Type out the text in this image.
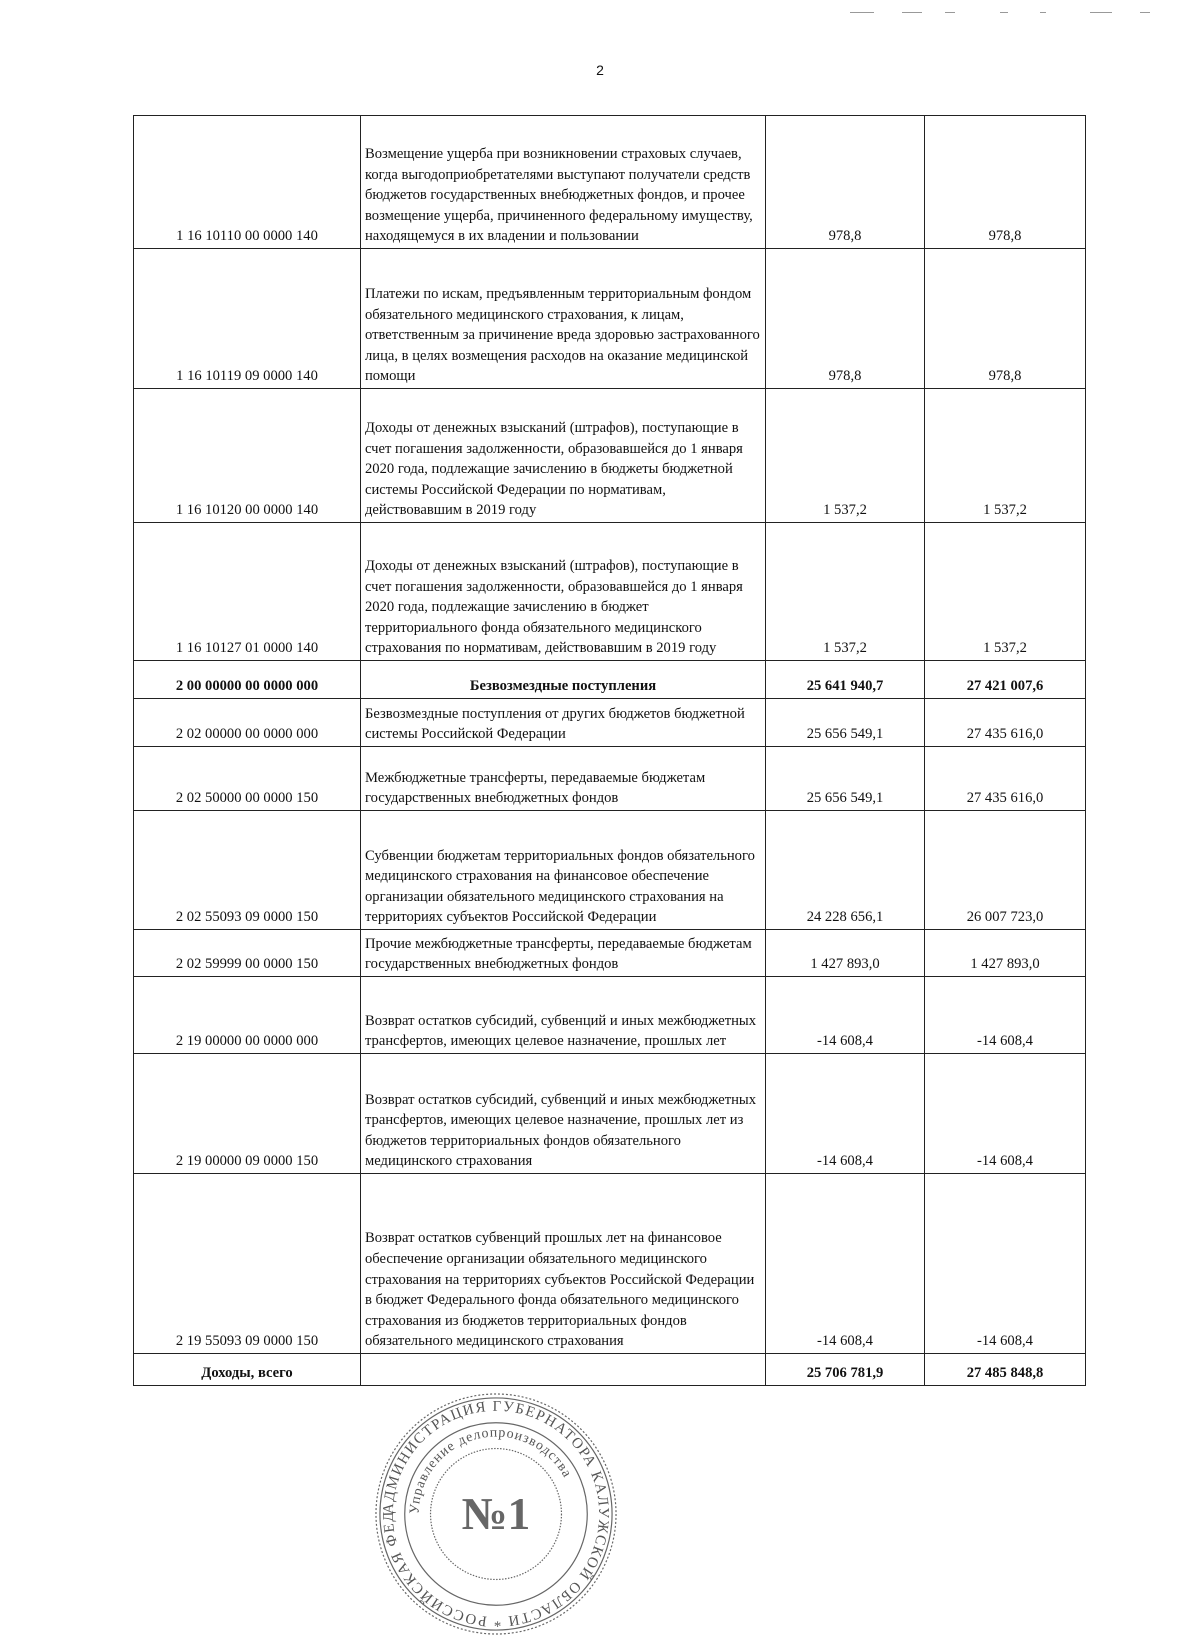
2
1 16 10110 00 0000 140	Возмещение ущерба при возникновении страховых случаев, когда выгодоприобретателями выступают получатели средств бюджетов государственных внебюджетных фондов, и прочее возмещение ущерба, причиненного федеральному имуществу, находящемуся в их владении и пользовании	978,8	978,8
1 16 10119 09 0000 140	Платежи по искам, предъявленным территориальным фондом обязательного медицинского страхования, к лицам, ответственным за причинение вреда здоровью застрахованного лица, в целях возмещения расходов на оказание медицинской помощи	978,8	978,8
1 16 10120 00 0000 140	Доходы от денежных взысканий (штрафов), поступающие в счет погашения задолженности, образовавшейся до 1 января 2020 года, подлежащие зачислению в бюджеты бюджетной системы Российской Федерации по нормативам, действовавшим в 2019 году	1 537,2	1 537,2
1 16 10127 01 0000 140	Доходы от денежных взысканий (штрафов), поступающие в счет погашения задолженности, образовавшейся до 1 января 2020 года, подлежащие зачислению в бюджет территориального фонда обязательного медицинского страхования по нормативам, действовавшим в 2019 году	1 537,2	1 537,2
2 00 00000 00 0000 000	Безвозмездные поступления	25 641 940,7	27 421 007,6
2 02 00000 00 0000 000	Безвозмездные поступления от других бюджетов бюджетной системы Российской Федерации	25 656 549,1	27 435 616,0
2 02 50000 00 0000 150	Межбюджетные трансферты, передаваемые бюджетам государственных внебюджетных фондов	25 656 549,1	27 435 616,0
2 02 55093 09 0000 150	Субвенции бюджетам территориальных фондов обязательного медицинского страхования на финансовое обеспечение организации обязательного медицинского страхования на территориях субъектов Российской Федерации	24 228 656,1	26 007 723,0
2 02 59999 00 0000 150	Прочие межбюджетные трансферты, передаваемые бюджетам государственных внебюджетных фондов	1 427 893,0	1 427 893,0
2 19 00000 00 0000 000	Возврат остатков субсидий, субвенций и иных межбюджетных трансфертов, имеющих целевое назначение, прошлых лет	-14 608,4	-14 608,4
2 19 00000 09 0000 150	Возврат остатков субсидий, субвенций и иных межбюджетных трансфертов, имеющих целевое назначение, прошлых лет из бюджетов территориальных фондов обязательного медицинского страхования	-14 608,4	-14 608,4
2 19 55093 09 0000 150	Возврат остатков субвенций прошлых лет на финансовое обеспечение организации обязательного медицинского страхования на территориях субъектов Российской Федерации в бюджет Федерального фонда обязательного медицинского страхования из бюджетов территориальных фондов обязательного медицинского страхования	-14 608,4	-14 608,4
Доходы, всего		25 706 781,9	27 485 848,8
АДМИНИСТРАЦИЯ ГУБЕРНАТОРА КАЛУЖСКОЙ ОБЛАСТИ * РОССИЙСКАЯ ФЕД
Управление делопроизводства
№1
